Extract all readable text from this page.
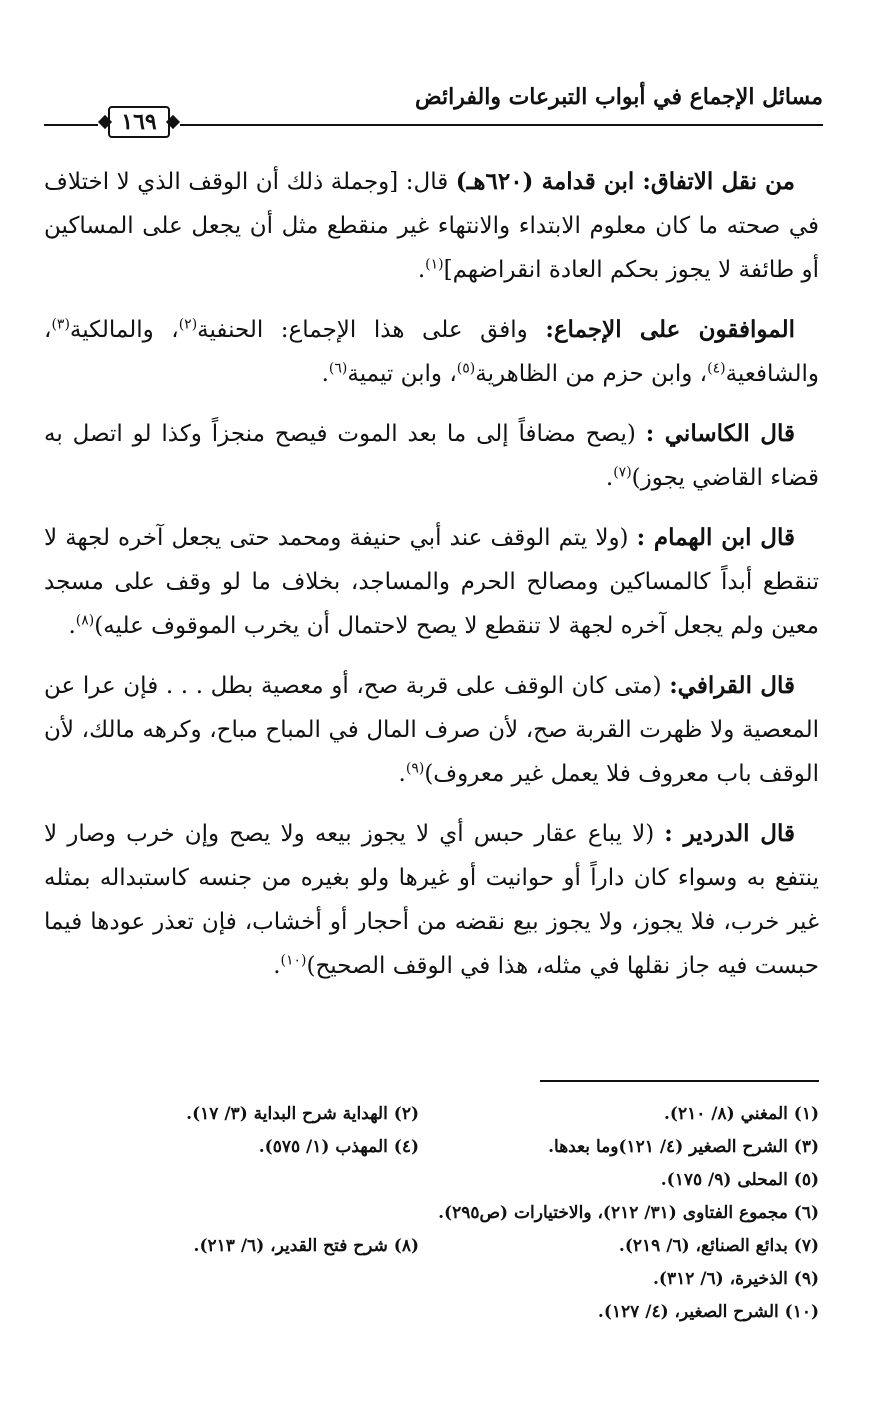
مسائل الإجماع في أبواب التبرعات والفرائض
١٦٩

من نقل الاتفاق: ابن قدامة (٦٢٠هـ) قال: [وجملة ذلك أن الوقف الذي لا اختلاف في صحته ما كان معلوم الابتداء والانتهاء غير منقطع مثل أن يجعل على المساكين أو طائفة لا يجوز بحكم العادة انقراضهم]$^{(١)}$.

الموافقون على الإجماع: وافق على هذا الإجماع: الحنفية$^{(٢)}$، والمالكية$^{(٣)}$، والشافعية$^{(٤)}$، وابن حزم من الظاهرية$^{(٥)}$، وابن تيمية$^{(٦)}$.

قال الكاساني : (يصح مضافاً إلى ما بعد الموت فيصح منجزاً وكذا لو اتصل به قضاء القاضي يجوز)$^{(٧)}$.

قال ابن الهمام : (ولا يتم الوقف عند أبي حنيفة ومحمد حتى يجعل آخره لجهة لا تنقطع أبداً كالمساكين ومصالح الحرم والمساجد، بخلاف ما لو وقف على مسجد معين ولم يجعل آخره لجهة لا تنقطع لا يصح لاحتمال أن يخرب الموقوف عليه)$^{(٨)}$.

قال القرافي: (متى كان الوقف على قربة صح، أو معصية بطل . . . فإن عرا عن المعصية ولا ظهرت القربة صح، لأن صرف المال في المباح مباح، وكرهه مالك، لأن الوقف باب معروف فلا يعمل غير معروف)$^{(٩)}$.

قال الدردير : (لا يباع عقار حبس أي لا يجوز بيعه ولا يصح وإن خرب وصار لا ينتفع به وسواء كان داراً أو حوانيت أو غيرها ولو بغيره من جنسه كاستبداله بمثله غير خرب، فلا يجوز، ولا يجوز بيع نقضه من أحجار أو أخشاب، فإن تعذر عودها فيما حبست فيه جاز نقلها في مثله، هذا في الوقف الصحيح)$^{(١٠)}$.

(١) المغني (٨/ ٢١٠).
(٢) الهداية شرح البداية (٣/ ١٧).
(٣) الشرح الصغير (٤/ ١٢١)وما بعدها.
(٤) المهذب (١/ ٥٧٥).
(٥) المحلى (٩/ ١٧٥).
(٦) مجموع الفتاوى (٣١/ ٢١٢)، والاختيارات (ص٢٩٥).
(٧) بدائع الصنائع، (٦/ ٢١٩).
(٨) شرح فتح القدير، (٦/ ٢١٣).
(٩) الذخيرة، (٦/ ٣١٢).
(١٠) الشرح الصغير، (٤/ ١٢٧).
